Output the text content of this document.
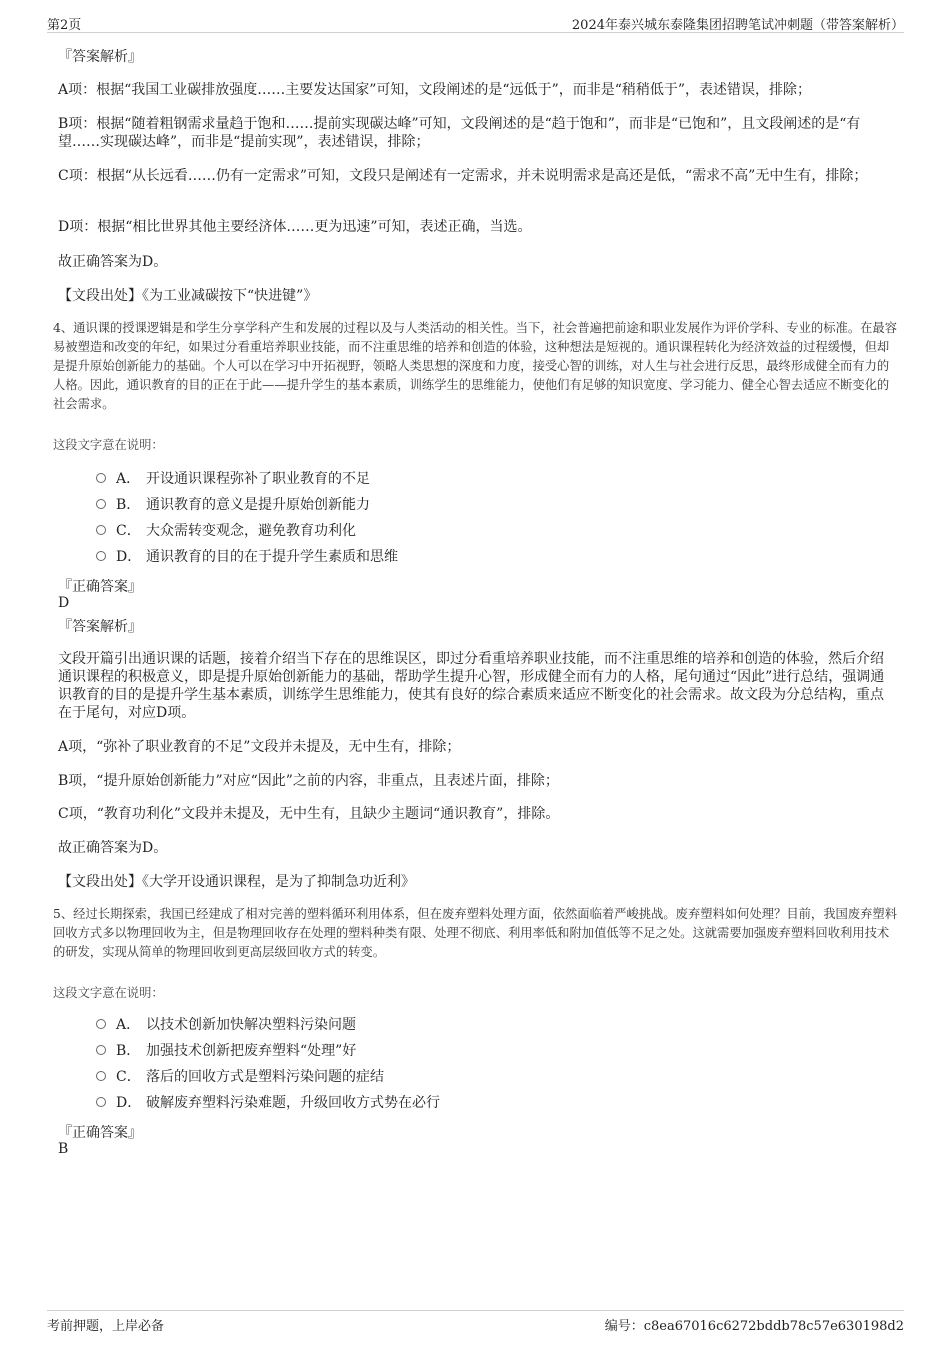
第2页	2024年泰兴城东泰隆集团招聘笔试冲刺题（带答案解析）
『答案解析』
A项：根据“我国工业碳排放强度……主要发达国家”可知，文段阐述的是“远低于”，而非是“稍稍低于”，表述错误，排除；
B项：根据“随着粗钢需求量趋于饱和……提前实现碳达峰”可知，文段阐述的是“趋于饱和”，而非是“已饱和”，且文段阐述的是“有望……实现碳达峰”，而非是“提前实现”，表述错误，排除；
C项：根据“从长远看……仍有一定需求”可知，文段只是阐述有一定需求，并未说明需求是高还是低，“需求不高”无中生有，排除；
D项：根据“相比世界其他主要经济体……更为迅速”可知，表述正确，当选。
故正确答案为D。
【文段出处】《为工业减碳按下“快进键”》
4、通识课的授课逻辑是和学生分享学科产生和发展的过程以及与人类活动的相关性。当下，社会普遍把前途和职业发展作为评价学科、专业的标准。在最容易被塑造和改变的年纪，如果过分看重培养职业技能，而不注重思维的培养和创造的体验，这种想法是短视的。通识课程转化为经济效益的过程缓慢，但却是提升原始创新能力的基础。个人可以在学习中开拓视野，领略人类思想的深度和力度，接受心智的训练，对人生与社会进行反思，最终形成健全而有力的人格。因此，通识教育的目的正在于此——提升学生的基本素质，训练学生的思维能力，使他们有足够的知识宽度、学习能力、健全心智去适应不断变化的社会需求。
这段文字意在说明：
A． 开设通识课程弥补了职业教育的不足
B． 通识教育的意义是提升原始创新能力
C． 大众需转变观念，避免教育功利化
D． 通识教育的目的在于提升学生素质和思维
『正确答案』
D
『答案解析』
文段开篇引出通识课的话题，接着介绍当下存在的思维误区，即过分看重培养职业技能，而不注重思维的培养和创造的体验，然后介绍通识课程的积极意义，即是提升原始创新能力的基础，帮助学生提升心智，形成健全而有力的人格，尾句通过“因此”进行总结，强调通识教育的目的是提升学生基本素质，训练学生思维能力，使其有良好的综合素质来适应不断变化的社会需求。故文段为分总结构，重点在于尾句，对应D项。
A项，“弥补了职业教育的不足”文段并未提及，无中生有，排除；
B项，“提升原始创新能力”对应“因此”之前的内容，非重点，且表述片面，排除；
C项，“教育功利化”文段并未提及，无中生有，且缺少主题词“通识教育”，排除。
故正确答案为D。
【文段出处】《大学开设通识课程，是为了抑制急功近利》
5、经过长期探索，我国已经建成了相对完善的塑料循环利用体系，但在废弃塑料处理方面，依然面临着严峻挑战。废弃塑料如何处理？目前，我国废弃塑料回收方式多以物理回收为主，但是物理回收存在处理的塑料种类有限、处理不彻底、利用率低和附加值低等不足之处。这就需要加强废弃塑料回收利用技术的研发，实现从简单的物理回收到更高层级回收方式的转变。
这段文字意在说明：
A． 以技术创新加快解决塑料污染问题
B． 加强技术创新把废弃塑料“处理”好
C． 落后的回收方式是塑料污染问题的症结
D． 破解废弃塑料污染难题，升级回收方式势在必行
『正确答案』
B
考前押题，上岸必备	编号：c8ea67016c6272bddb78c57e630198d2
